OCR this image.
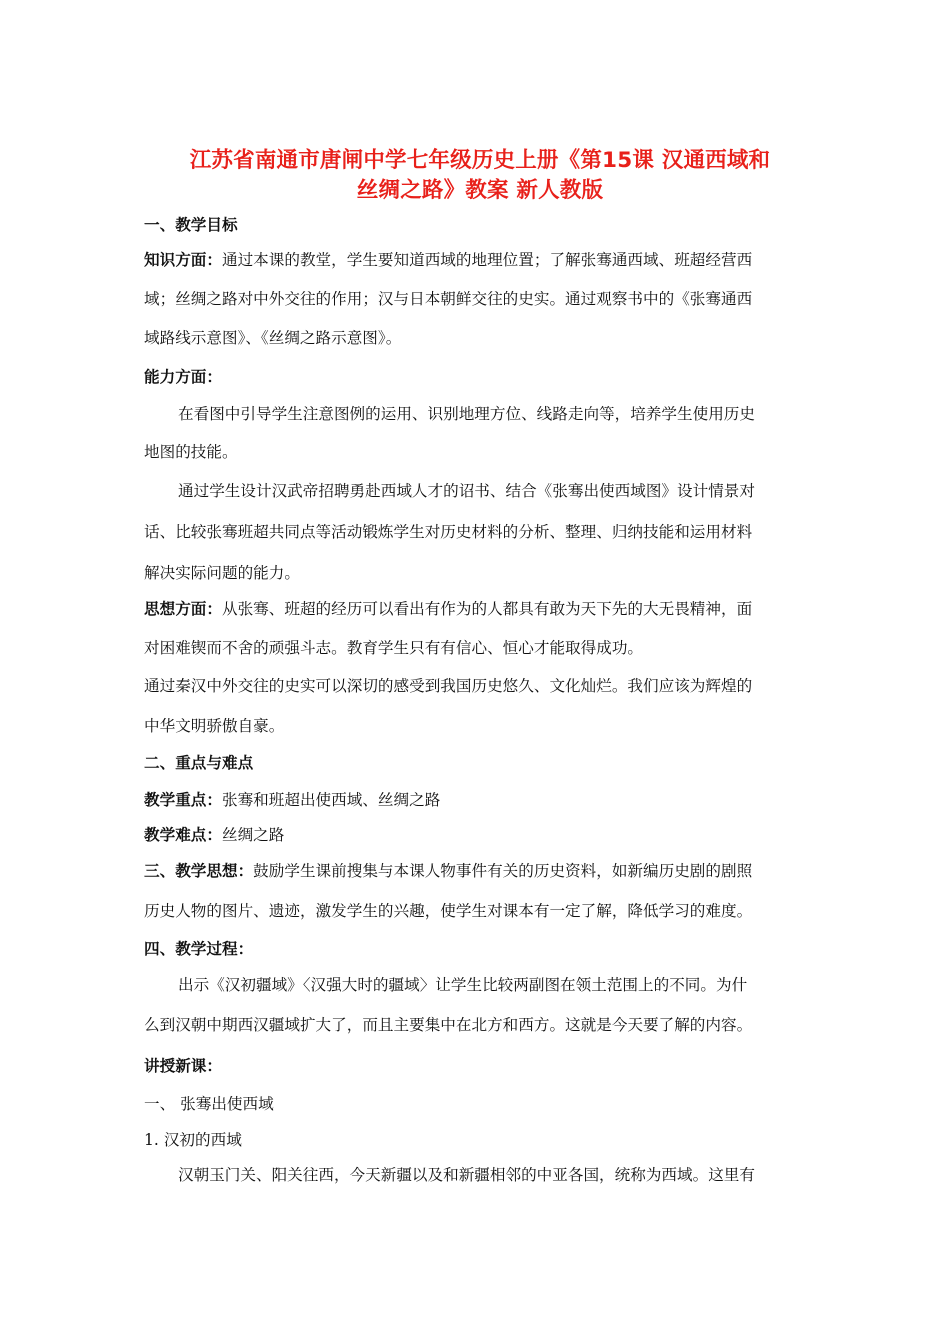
江苏省南通市唐闸中学七年级历史上册《第15课 汉通西域和
丝绸之路》教案 新人教版
一、教学目标
知识方面：通过本课的教堂，学生要知道西域的地理位置；了解张骞通西域、班超经营西
域；丝绸之路对中外交往的作用；汉与日本朝鲜交往的史实。通过观察书中的《张骞通西
域路线示意图》、《丝绸之路示意图》。
能力方面：
在看图中引导学生注意图例的运用、识别地理方位、线路走向等，培养学生使用历史
地图的技能。
通过学生设计汉武帝招聘勇赴西域人才的诏书、结合《张骞出使西域图》设计情景对
话、比较张骞班超共同点等活动锻炼学生对历史材料的分析、整理、归纳技能和运用材料
解决实际问题的能力。
思想方面：从张骞、班超的经历可以看出有作为的人都具有敢为天下先的大无畏精神，面
对困难锲而不舍的顽强斗志。教育学生只有有信心、恒心才能取得成功。
通过秦汉中外交往的史实可以深切的感受到我国历史悠久、文化灿烂。我们应该为辉煌的
中华文明骄傲自豪。
二、重点与难点
教学重点：张骞和班超出使西域、丝绸之路
教学难点：丝绸之路
三、教学思想：鼓励学生课前搜集与本课人物事件有关的历史资料，如新编历史剧的剧照
历史人物的图片、遗迹，激发学生的兴趣，使学生对课本有一定了解，降低学习的难度。
四、教学过程：
出示《汉初疆域》〈汉强大时的疆域〉让学生比较两副图在领土范围上的不同。为什
么到汉朝中期西汉疆域扩大了，而且主要集中在北方和西方。这就是今天要了解的内容。
讲授新课：
一、 张骞出使西域
1. 汉初的西域
汉朝玉门关、阳关往西，今天新疆以及和新疆相邻的中亚各国，统称为西域。这里有
